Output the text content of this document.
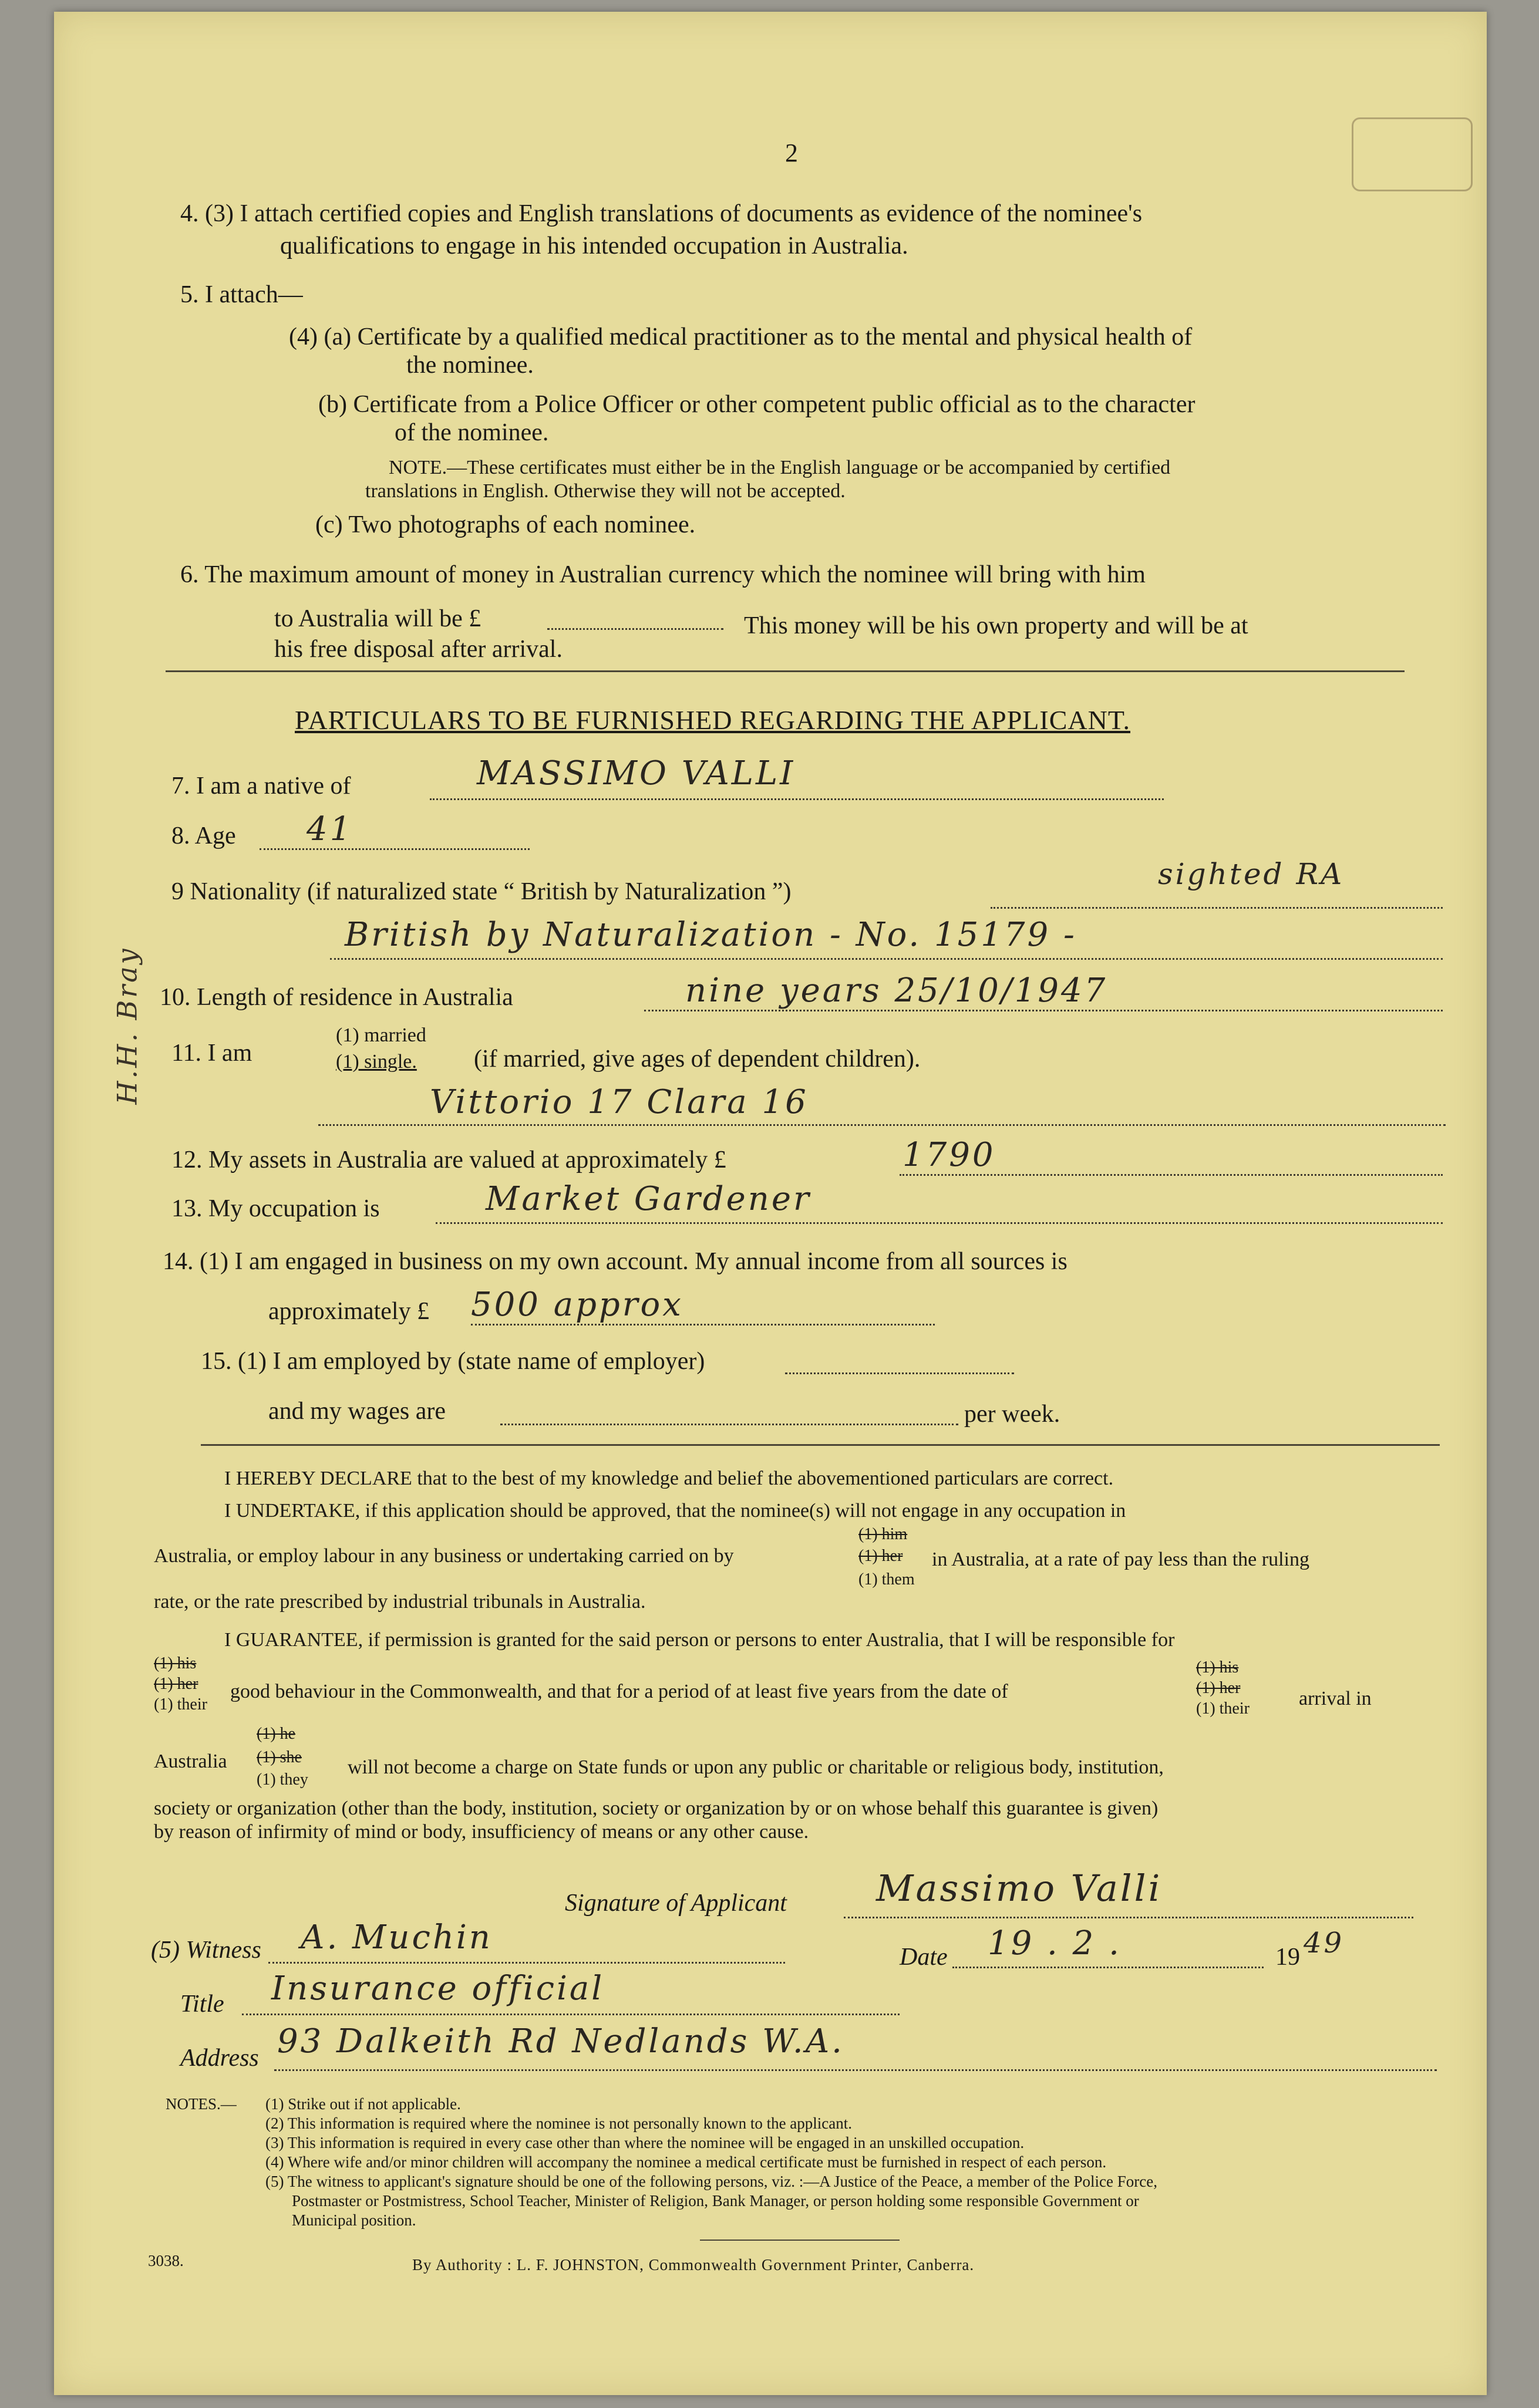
2
4. (3) I attach certified copies and English translations of documents as evidence of the nominee's
qualifications to engage in his intended occupation in Australia.
5. I attach—
(4) (a) Certificate by a qualified medical practitioner as to the mental and physical health of
the nominee.
(b) Certificate from a Police Officer or other competent public official as to the character
of the nominee.
NOTE.—These certificates must either be in the English language or be accompanied by certified
translations in English. Otherwise they will not be accepted.
(c) Two photographs of each nominee.
6. The maximum amount of money in Australian currency which the nominee will bring with him
to Australia will be £	This money will be his own property and will be at
his free disposal after arrival.
PARTICULARS TO BE FURNISHED REGARDING THE APPLICANT.
7. I am a native of	MASSIMO VALLI
8. Age 41
9 Nationality (if naturalized state “ British by Naturalization ”)
sighted RA
British by Naturalization - No. 15179 -
10. Length of residence in Australia	nine years 25/10/1947
11. I am
(1) married
(1) single. (if married, give ages of dependent children).
Vittorio 17 Clara 16
12. My assets in Australia are valued at approximately £	1790
13. My occupation is	Market Gardener
14. (1) I am engaged in business on my own account. My annual income from all sources is
approximately £ 500 approx
15. (1) I am employed by (state name of employer)
and my wages are	per week.
I HEREBY DECLARE that to the best of my knowledge and belief the abovementioned particulars are correct.
I UNDERTAKE, if this application should be approved, that the nominee(s) will not engage in any occupation in
(1) him
Australia, or employ labour in any business or undertaking carried on by	(1) her in Australia, at a rate of pay less than the ruling
(1) them
rate, or the rate prescribed by industrial tribunals in Australia.
I GUARANTEE, if permission is granted for the said person or persons to enter Australia, that I will be responsible for
(1) his
(1) her
(1) their
good behaviour in the Commonwealth, and that for a period of at least five years from the date of
(1) his
(1) her
(1) their arrival in
Australia
(1) he
(1) she
(1) they
will not become a charge on State funds or upon any public or charitable or religious body, institution,
society or organization (other than the body, institution, society or organization by or on whose behalf this guarantee is given)
by reason of infirmity of mind or body, insufficiency of means or any other cause.
Signature of Applicant Massimo Valli
(5) Witness A. Muchin
Date 19 . 2 .	19 49
Title Insurance official
Address 93 Dalkeith Rd Nedlands W.A.
NOTES.— (1) Strike out if not applicable.
(2) This information is required where the nominee is not personally known to the applicant.
(3) This information is required in every case other than where the nominee will be engaged in an unskilled occupation.
(4) Where wife and/or minor children will accompany the nominee a medical certificate must be furnished in respect of each person.
(5) The witness to applicant's signature should be one of the following persons, viz. :—A Justice of the Peace, a member of the Police Force,
Postmaster or Postmistress, School Teacher, Minister of Religion, Bank Manager, or person holding some responsible Government or
Municipal position.
3038.	By Authority : L. F. JOHNSTON, Commonwealth Government Printer, Canberra.
H.H. Bray
